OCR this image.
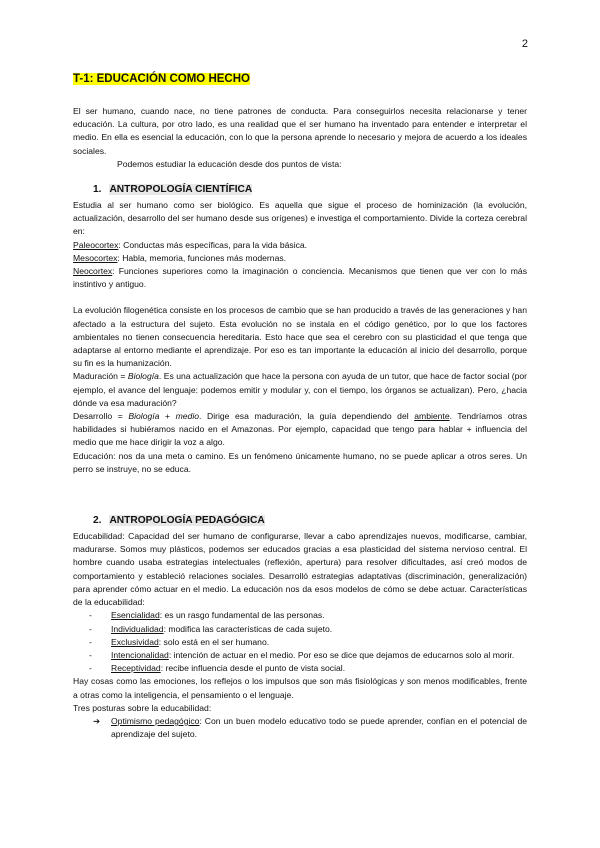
2
T-1: EDUCACIÓN COMO HECHO

El ser humano, cuando nace, no tiene patrones de conducta. Para conseguirlos necesita relacionarse y tener educación. La cultura, por otro lado, es una realidad que el ser humano ha inventado para entender e interpretar el medio. En ella es esencial la educación, con lo que la persona aprende lo necesario y mejora de acuerdo a los ideales sociales.

Podemos estudiar la educación desde dos puntos de vista:

1. ANTROPOLOGÍA CIENTÍFICA

Estudia al ser humano como ser biológico. Es aquella que sigue el proceso de hominización (la evolución, actualización, desarrollo del ser humano desde sus orígenes) e investiga el comportamiento. Divide la corteza cerebral en:

Paleocortex: Conductas más específicas, para la vida básica.

Mesocortex: Habla, memoria, funciones más modernas.

Neocortex: Funciones superiores como la imaginación o conciencia. Mecanismos que tienen que ver con lo más instintivo y antiguo.

La evolución filogenética consiste en los procesos de cambio que se han producido a través de las generaciones y han afectado a la estructura del sujeto. Esta evolución no se instala en el código genético, por lo que los factores ambientales no tienen consecuencia hereditaria. Esto hace que sea el cerebro con su plasticidad el que tenga que adaptarse al entorno mediante el aprendizaje. Por eso es tan importante la educación al inicio del desarrollo, porque su fin es la humanización.

Maduración = Biología. Es una actualización que hace la persona con ayuda de un tutor, que hace de factor social (por ejemplo, el avance del lenguaje: podemos emitir y modular y, con el tiempo, los órganos se actualizan). Pero, ¿hacia dónde va esa maduración?

Desarrollo = Biología + medio. Dirige esa maduración, la guía dependiendo del ambiente. Tendríamos otras habilidades si hubiéramos nacido en el Amazonas. Por ejemplo, capacidad que tengo para hablar + influencia del medio que me hace dirigir la voz a algo.

Educación: nos da una meta o camino. Es un fenómeno únicamente humano, no se puede aplicar a otros seres. Un perro se instruye, no se educa.

2. ANTROPOLOGÍA PEDAGÓGICA

Educabilidad: Capacidad del ser humano de configurarse, llevar a cabo aprendizajes nuevos, modificarse, cambiar, madurarse. Somos muy plásticos, podemos ser educados gracias a esa plasticidad del sistema nervioso central. El hombre cuando usaba estrategias intelectuales (reflexión, apertura) para resolver dificultades, así creó modos de comportamiento y estableció relaciones sociales. Desarrolló estrategias adaptativas (discriminación, generalización) para aprender cómo actuar en el medio. La educación nos da esos modelos de cómo se debe actuar. Características de la educabilidad:

- Esencialidad: es un rasgo fundamental de las personas.
- Individualidad: modifica las características de cada sujeto.
- Exclusividad: solo está en el ser humano.
- Intencionalidad: intención de actuar en el medio. Por eso se dice que dejamos de educarnos solo al morir.
- Receptividad: recibe influencia desde el punto de vista social.

Hay cosas como las emociones, los reflejos o los impulsos que son más fisiológicas y son menos modificables, frente a otras como la inteligencia, el pensamiento o el lenguaje.

Tres posturas sobre la educabilidad:

➔ Optimismo pedagógico: Con un buen modelo educativo todo se puede aprender, confían en el potencial de aprendizaje del sujeto.
